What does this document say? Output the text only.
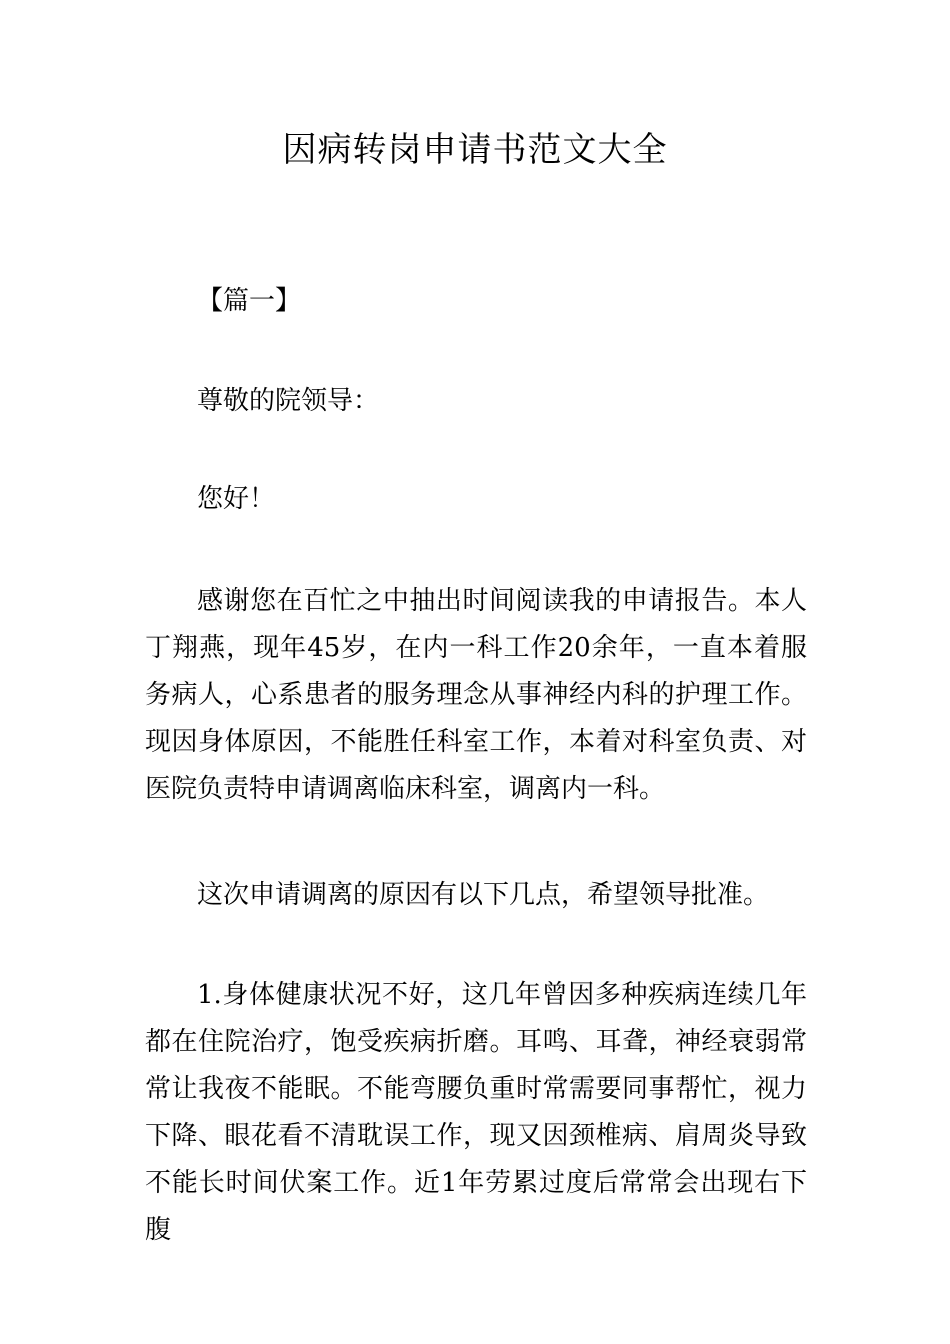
因病转岗申请书范文大全

【篇一】

尊敬的院领导：

您好！

感谢您在百忙之中抽出时间阅读我的申请报告。本人丁翔燕，现年45岁，在内一科工作20余年，一直本着服务病人，心系患者的服务理念从事神经内科的护理工作。现因身体原因，不能胜任科室工作，本着对科室负责、对医院负责特申请调离临床科室，调离内一科。

这次申请调离的原因有以下几点，希望领导批准。

1.身体健康状况不好，这几年曾因多种疾病连续几年都在住院治疗，饱受疾病折磨。耳鸣、耳聋，神经衰弱常常让我夜不能眠。不能弯腰负重时常需要同事帮忙，视力下降、眼花看不清耽误工作，现又因颈椎病、肩周炎导致不能长时间伏案工作。近1年劳累过度后常常会出现右下腹
